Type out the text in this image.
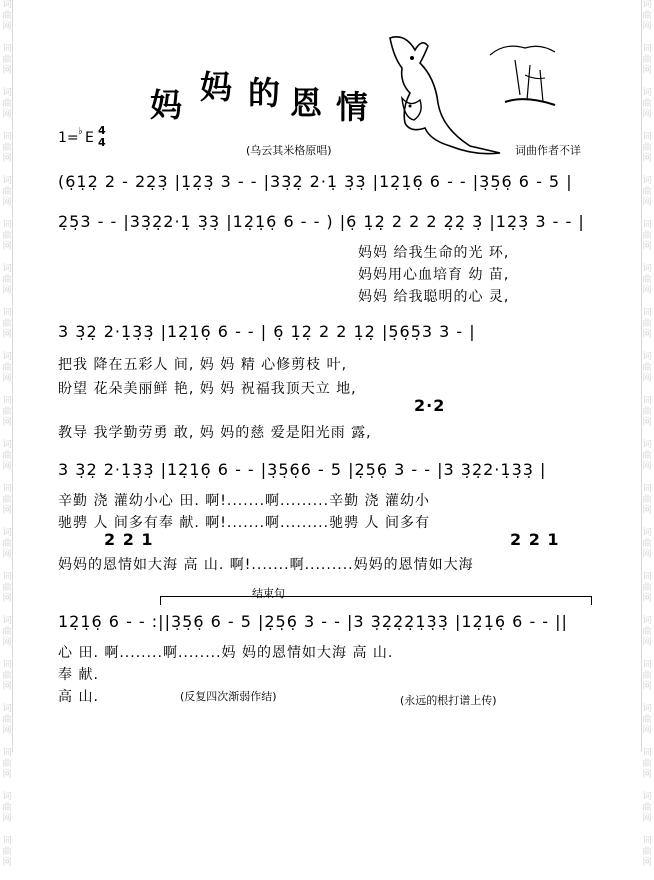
词
曲
网

词
曲
网

词
曲
网

词
曲
网

词
曲
网

词
曲
网

词
曲
网

词
曲
网

词
曲
网

词
曲
网

词
曲
网

词
曲
网

词
曲
网

词
曲
网

词
曲
网

词
曲
网

词
曲
网

词
曲
网

词
曲
网

词
曲
网

词
曲
网

词
曲
网

词
曲
网

词
曲
网

词
曲
网

词
曲
网

词
曲
网

词
曲
网

词
曲
网

词
曲
网

词
曲
网

词
曲
网

词
曲
网

词
曲
网

词
曲
网

词
曲
网

词
曲
网

词
曲
网

词
曲
网

词
曲
网

妈 妈 的 恩 情
1= ♭ E 4
4
(乌云其米格原唱)	词曲作者不详
(6̣1̣2̣ 2 - 22̣3̣ |1̣2̣3̣ 3 - - |33̣2̣ 2·1̣ 3̣3̣ |12̣1̣6̣ 6 - - |3̣5̣6̣ 6 - 5 |
2̣5̣3 - - |33̣2̣2·1̣ 3̣3̣ |12̣1̣6̣ 6 - - ) |6̣ 1̣2̣ 2 2 2 2̣2̣ 3̣ |12̣3̣ 3 - - |
妈妈 给我生命的光 环,
妈妈用心血培育 幼 苗,
妈妈 给我聪明的心 灵,
3 3̣2̣ 2·1̣3̣3̣ |12̣1̣6̣ 6 - - | 6̣ 1̣2̣ 2 2 1̣2̣ |5̣6̣5̣3 3 - |
把我 降在五彩人 间, 妈 妈 精 心修剪枝 叶,
盼望 花朵美丽鲜 艳, 妈 妈 祝福我顶天立 地,
2·2
教导 我学勤劳勇 敢, 妈 妈的慈 爱是阳光雨 露,
3 3̣2̣ 2·1̣3̣3̣ |12̣1̣6̣ 6 - - |3̣5̣6̣6 - 5 |2̣5̣6̣ 3 - - |3 3̣2̣2·1̣3̣3̣ |
辛勤 浇 灌幼小心 田. 啊!.......啊.........辛勤 浇 灌幼小
驰骋 人 间多有奉 献. 啊!.......啊.........驰骋 人 间多有
2 2 1	2 2 1
妈妈的恩情如大海 高 山. 啊!.......啊.........妈妈的恩情如大海
结束句
12̣1̣6̣ 6 - - :||3̣5̣6̣ 6 - 5 |2̣5̣6̣ 3 - - |3 3̣2̣2̣2̣1̣3̣3̣ |12̣1̣6̣ 6 - - ||
心 田. 啊........啊........妈 妈的恩情如大海 高 山.
奉 献.
高 山.	(反复四次渐弱作结)	(永远的根打谱上传)
